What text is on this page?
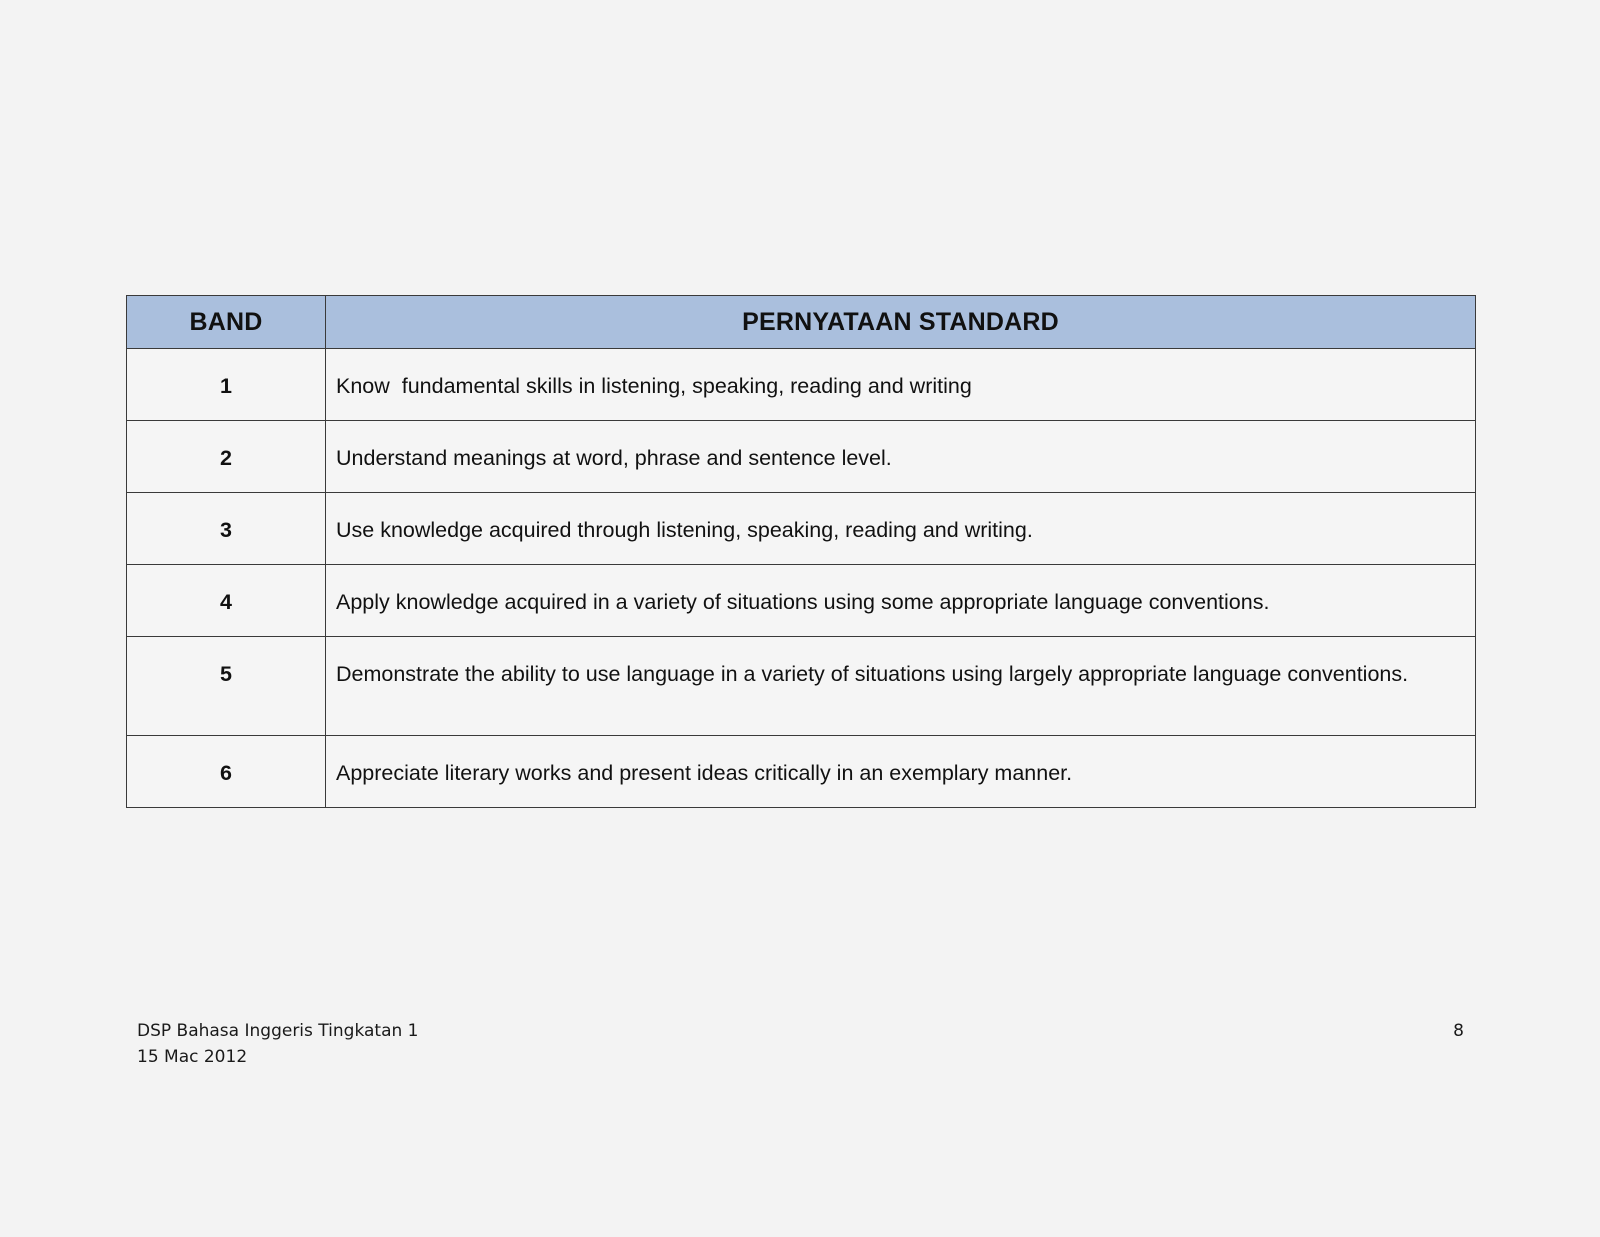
BAND	PERNYATAAN STANDARD
1	Know  fundamental skills in listening, speaking, reading and writing
2	Understand meanings at word, phrase and sentence level.
3	Use knowledge acquired through listening, speaking, reading and writing.
4	Apply knowledge acquired in a variety of situations using some appropriate language conventions.
5	Demonstrate the ability to use language in a variety of situations using largely appropriate language conventions.
6	Appreciate literary works and present ideas critically in an exemplary manner.
DSP Bahasa Inggeris Tingkatan 1
15 Mac 2012
8
